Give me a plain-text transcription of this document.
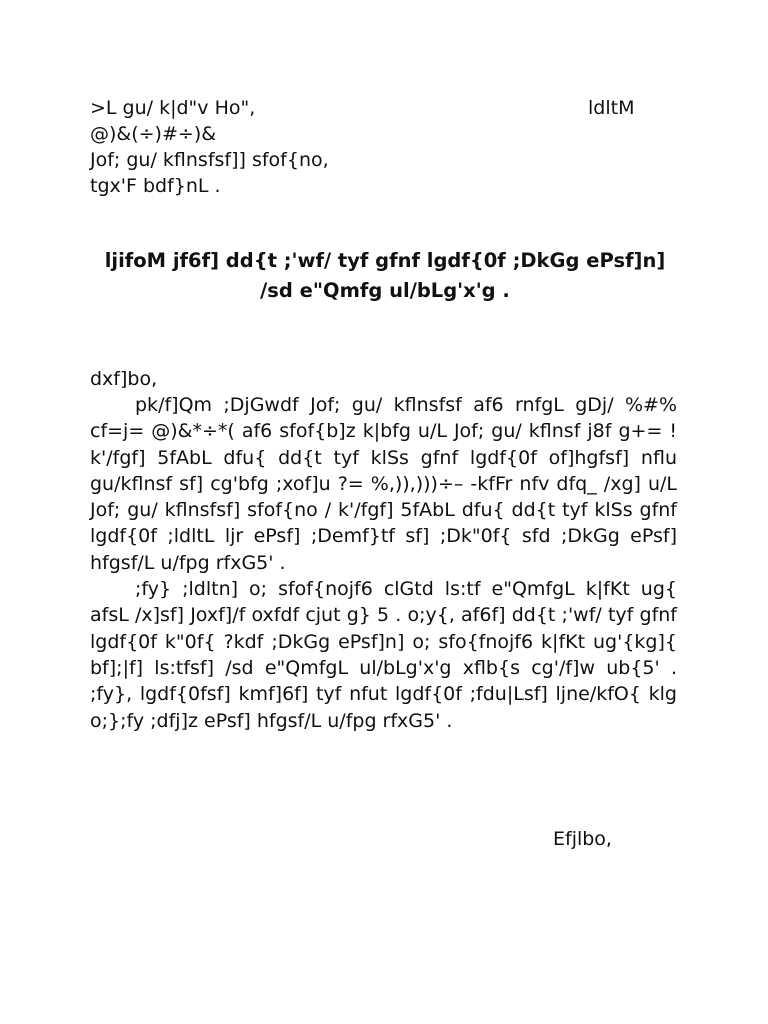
>L gu/ k|d"v Ho",
@)&(÷)#÷)&
Jof; gu/ kflnsfsf]] sfof{no,
tgx'F bdf}nL .
ldltM
ljifoM jf6f] dd{t ;'wf/ tyf gfnf lgdf{0f ;DkGg ePsf]n] /sd e"Qmfg ul/bLg'x'g .
dxf]bo,

pk/f]Qm ;DjGwdf Jof; gu/ kflnsfsf af6 rnfgL gDj/ %#% cf=j= @)&*÷*( af6 sfof{b]z k|bfg u/L Jof; gu/ kflnsf j8f g+= ! k'/fgf] 5fAbL dfu{ dd{t tyf klSs gfnf lgdf{0f of]hgfsf] nflu gu/kflnsf sf] cg'bfg ;xof]u ?= %,)),)))÷– -kfFr nfv dfq_ /xg] u/L Jof; gu/ kflnsfsf] sfof{no / k'/fgf] 5fAbL dfu{ dd{t tyf klSs gfnf lgdf{0f ;ldltL ljr ePsf] ;Demf}tf sf] ;Dk"0f{ sfd ;DkGg ePsf] hfgsf/L u/fpg rfxG5' .

;fy} ;ldltn] o; sfof{nojf6 clGtd ls:tf e"QmfgL k|fKt ug{ afsL /x]sf] Joxf]/f oxfdf cjut g} 5 . o;y{, af6f] dd{t ;'wf/ tyf gfnf lgdf{0f k"0f{ ?kdf ;DkGg ePsf]n] o; sfo{fnojf6 k|fKt ug'{kg]{ bf];|f] ls:tfsf] /sd e"QmfgL ul/bLg'x'g xflb{s cg'/f]w ub{5' . ;fy}, lgdf{0fsf] kmf]6f] tyf nfut lgdf{0f ;fdu|Lsf] ljne/kfO{ klg o;};fy ;dfj]z ePsf] hfgsf/L u/fpg rfxG5' .

Efjlbo,
